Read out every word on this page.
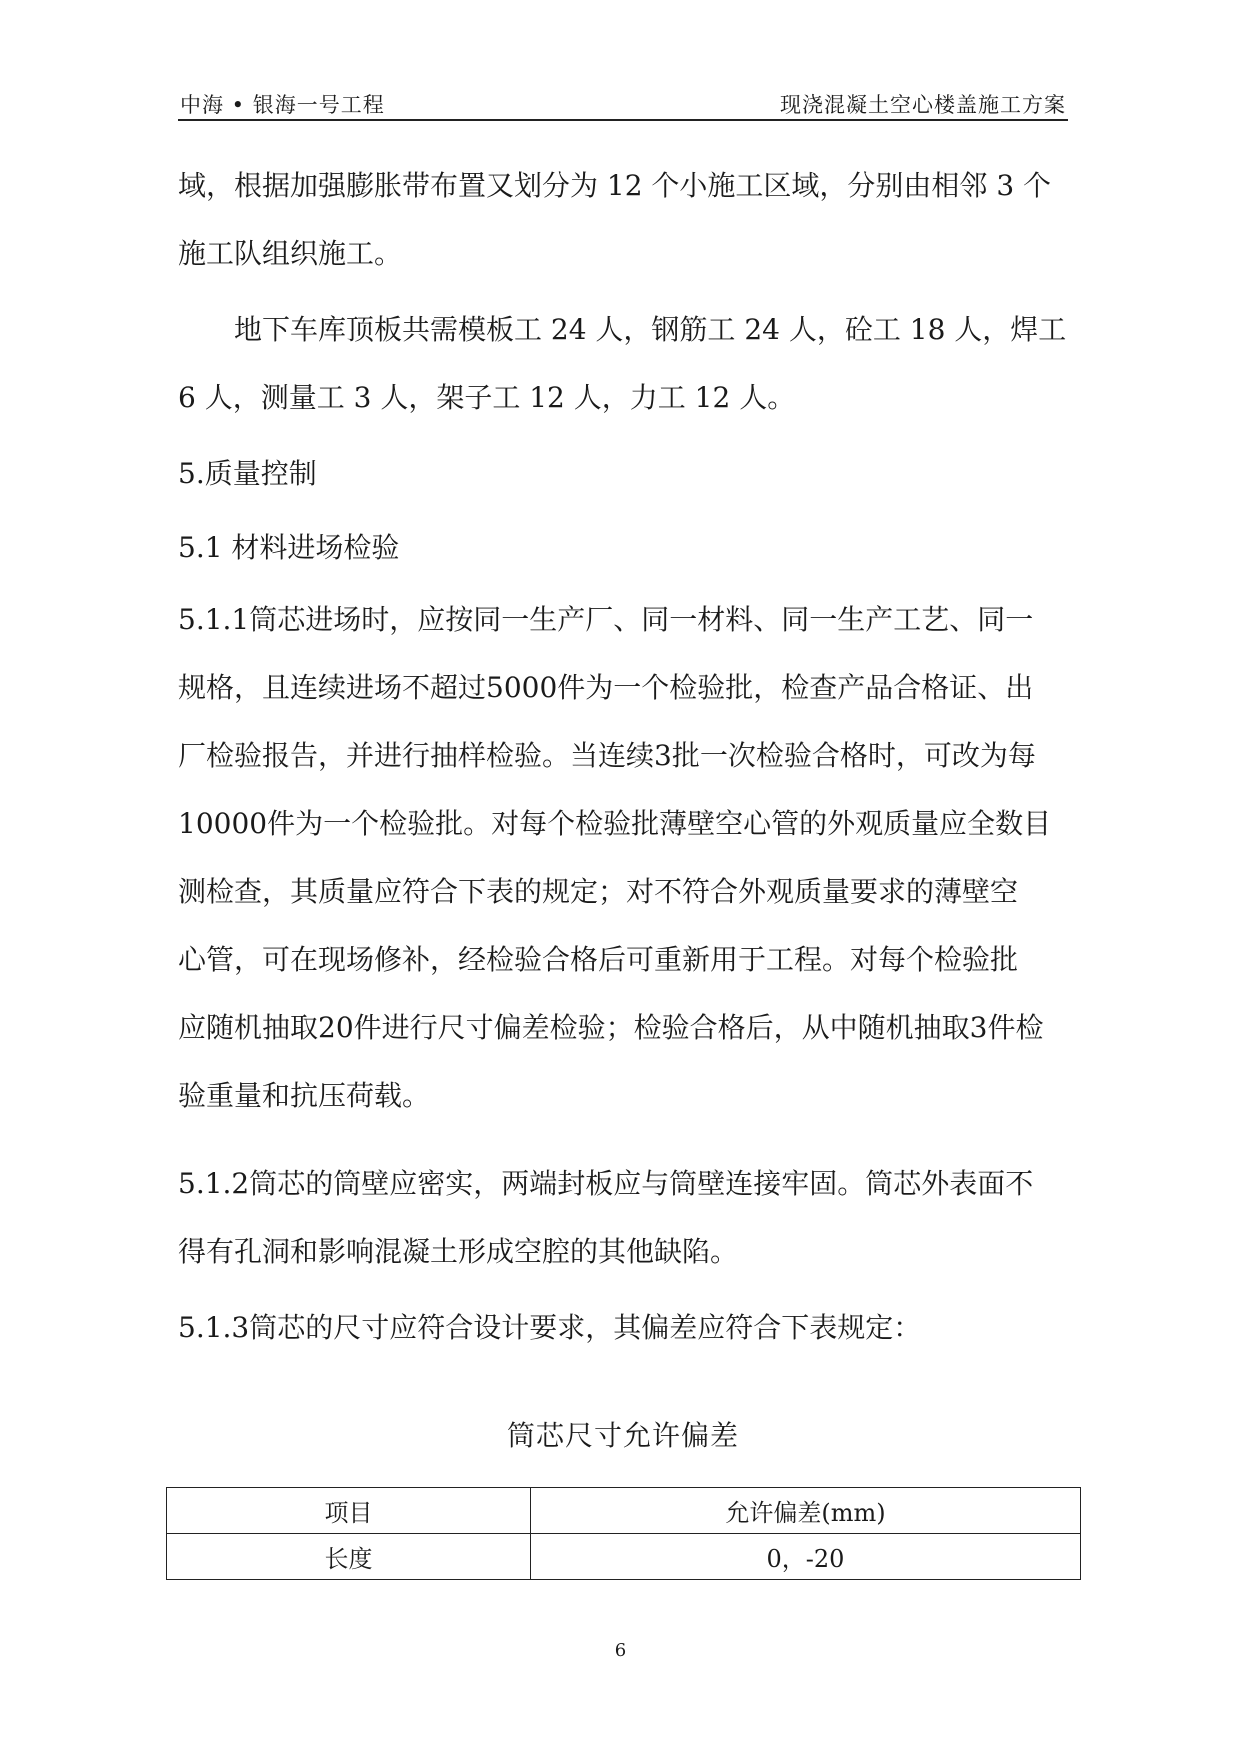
中海 • 银海一号工程	现浇混凝土空心楼盖施工方案
域，根据加强膨胀带布置又划分为 12 个小施工区域，分别由相邻 3 个
施工队组织施工。
　　地下车库顶板共需模板工 24 人，钢筋工 24 人，砼工 18 人，焊工
6 人，测量工 3 人，架子工 12 人，力工 12 人。
5.质量控制
5.1 材料进场检验
5.1.1筒芯进场时，应按同一生产厂、同一材料、同一生产工艺、同一
规格，且连续进场不超过5000件为一个检验批，检查产品合格证、出
厂检验报告，并进行抽样检验。当连续3批一次检验合格时，可改为每
10000件为一个检验批。对每个检验批薄壁空心管的外观质量应全数目
测检查，其质量应符合下表的规定；对不符合外观质量要求的薄壁空
心管，可在现场修补，经检验合格后可重新用于工程。对每个检验批
应随机抽取20件进行尺寸偏差检验；检验合格后，从中随机抽取3件检
验重量和抗压荷载。
5.1.2筒芯的筒壁应密实，两端封板应与筒壁连接牢固。筒芯外表面不
得有孔洞和影响混凝土形成空腔的其他缺陷。
5.1.3筒芯的尺寸应符合设计要求，其偏差应符合下表规定：
筒芯尺寸允许偏差
项目	允许偏差(mm)
长度	0，-20
6
